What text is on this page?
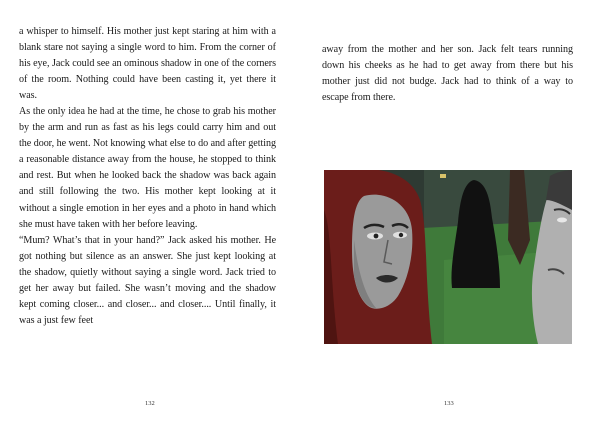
a whisper to himself. His mother just kept staring at him with a blank stare not saying a single word to him. From the corner of his eye, Jack could see an ominous shadow in one of the corners of the room. Nothing could have been casting it, yet there it was.

As the only idea he had at the time, he chose to grab his mother by the arm and run as fast as his legs could carry him and out the door, he went. Not knowing what else to do and after getting a reasonable distance away from the house, he stopped to think and rest. But when he looked back the shadow was back again and still following the two. His mother kept looking at it without a single emotion in her eyes and a photo in hand which she must have taken with her before leaving.

“Mum? What’s that in your hand?” Jack asked his mother. He got nothing but silence as an answer. She just kept looking at the shadow, quietly without saying a single word. Jack tried to get her away but failed. She wasn’t moving and the shadow kept coming closer... and closer... and closer.... Until finally, it was a just few feet

132

away from the mother and her son. Jack felt tears running down his cheeks as he had to get away from there but his mother just did not budge. Jack had to think of a way to escape from there.

133
